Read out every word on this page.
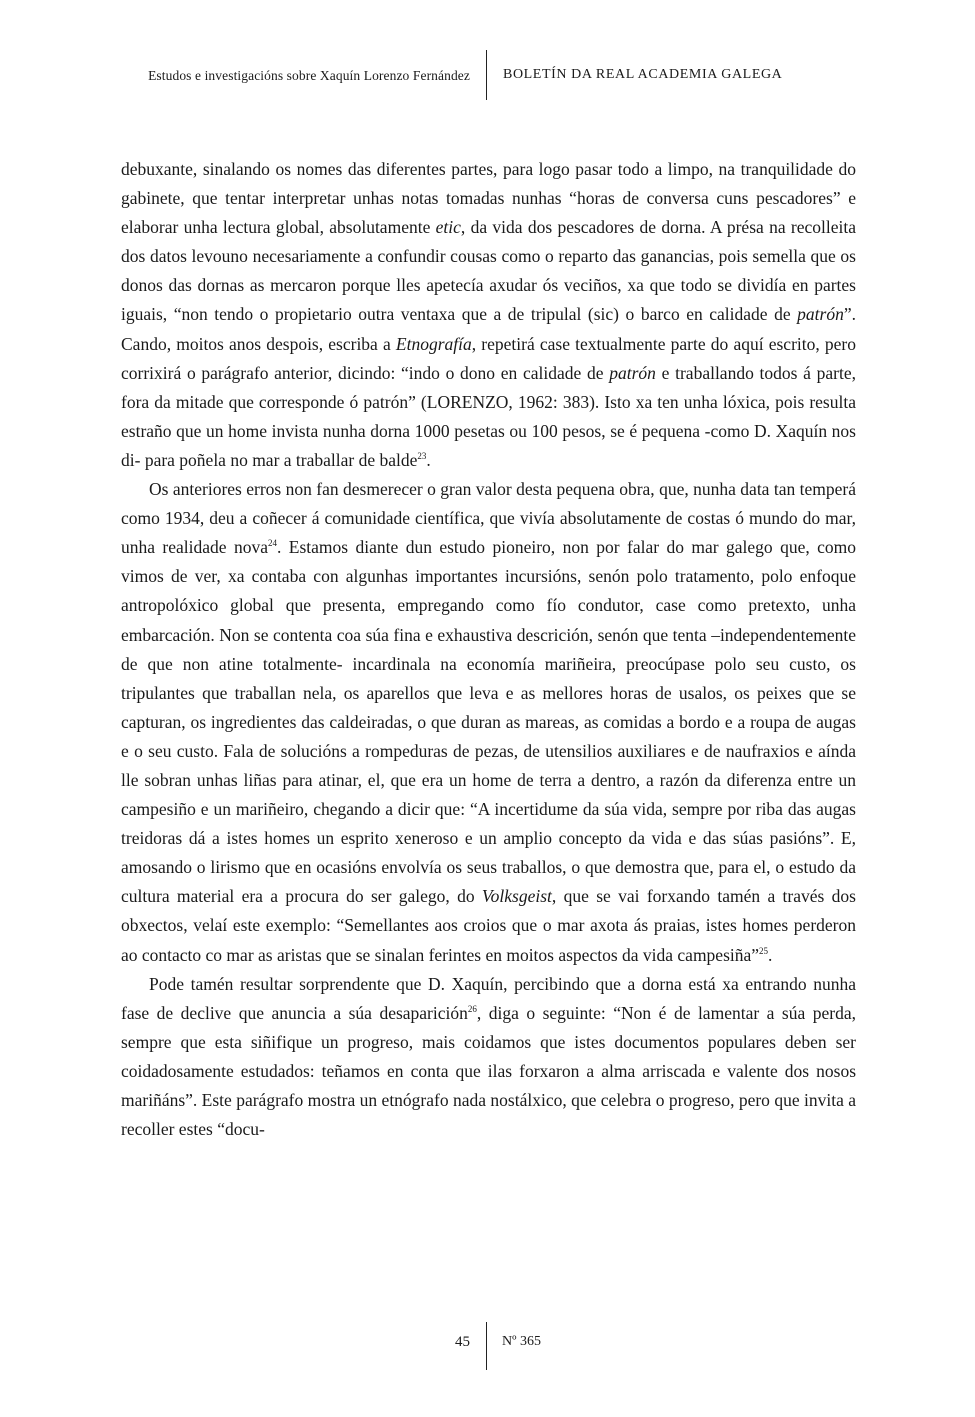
Estudos e investigacións sobre Xaquín Lorenzo Fernández BOLETÍN DA REAL ACADEMIA GALEGA

debuxante, sinalando os nomes das diferentes partes, para logo pasar todo a limpo, na tranquilidade do gabinete, que tentar interpretar unhas notas tomadas nunhas “horas de conversa cuns pescadores” e elaborar unha lectura global, absolutamente etic, da vida dos pescadores de dorna. A présa na recolleita dos datos levouno necesariamente a confundir cousas como o reparto das ganancias, pois semella que os donos das dornas as mercaron porque lles apetecía axudar ós veciños, xa que todo se dividía en partes iguais, “non tendo o propietario outra ventaxa que a de tripulal (sic) o barco en calidade de patrón”. Cando, moitos anos despois, escriba a Etnografía, repetirá case textualmente parte do aquí escrito, pero corrixirá o parágrafo anterior, dicindo: “indo o dono en calidade de patrón e traballando todos á parte, fora da mitade que corresponde ó patrón” (LORENZO, 1962: 383). Isto xa ten unha lóxica, pois resulta estraño que un home invista nunha dorna 1000 pesetas ou 100 pesos, se é pequena -como D. Xaquín nos di- para poñela no mar a traballar de balde$^{23}$.

Os anteriores erros non fan desmerecer o gran valor desta pequena obra, que, nunha data tan temperá como 1934, deu a coñecer á comunidade científica, que vivía absolutamente de costas ó mundo do mar, unha realidade nova$^{24}$. Estamos diante dun estudo pioneiro, non por falar do mar galego que, como vimos de ver, xa contaba con algunhas importantes incursións, senón polo tratamento, polo enfoque antropolóxico global que presenta, empregando como fío condutor, case como pretexto, unha embarcación. Non se contenta coa súa fina e exhaustiva descrición, senón que tenta –independentemente de que non atine totalmente- incardinala na economía mariñeira, preocúpase polo seu custo, os tripulantes que traballan nela, os aparellos que leva e as mellores horas de usalos, os peixes que se capturan, os ingredientes das caldeiradas, o que duran as mareas, as comidas a bordo e a roupa de augas e o seu custo. Fala de solucións a rompeduras de pezas, de utensilios auxiliares e de naufraxios e aínda lle sobran unhas liñas para atinar, el, que era un home de terra a dentro, a razón da diferenza entre un campesiño e un mariñeiro, chegando a dicir que: “A incertidume da súa vida, sempre por riba das augas treidoras dá a istes homes un esprito xeneroso e un amplio concepto da vida e das súas pasións”. E, amosando o lirismo que en ocasións envolvía os seus traballos, o que demostra que, para el, o estudo da cultura material era a procura do ser galego, do Volksgeist, que se vai forxando tamén a través dos obxectos, velaí este exemplo: “Semellantes aos croios que o mar axota ás praias, istes homes perderon ao contacto co mar as aristas que se sinalan ferintes en moitos aspectos da vida campesiña”$^{25}$.

Pode tamén resultar sorprendente que D. Xaquín, percibindo que a dorna está xa entrando nunha fase de declive que anuncia a súa desaparición$^{26}$, diga o seguinte: “Non é de lamentar a súa perda, sempre que esta siñifique un progreso, mais coidamos que istes documentos populares deben ser coidadosamente estudados: teñamos en conta que ilas forxaron a alma arriscada e valente dos nosos mariñáns”. Este parágrafo mostra un etnógrafo nada nostálxico, que celebra o progreso, pero que invita a recoller estes “docu-

45 Nº 365
